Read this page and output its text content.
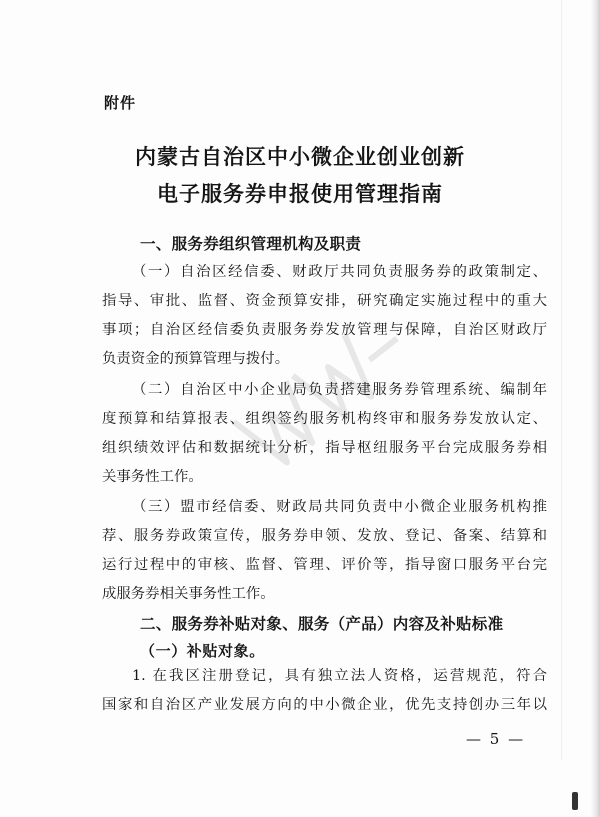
附件
内蒙古自治区中小微企业创业创新
电子服务券申报使用管理指南
一、服务券组织管理机构及职责
（一）自治区经信委、财政厅共同负责服务券的政策制定、
指导、审批、监督、资金预算安排，研究确定实施过程中的重大
事项；自治区经信委负责服务券发放管理与保障，自治区财政厅
负责资金的预算管理与拨付。
（二）自治区中小企业局负责搭建服务券管理系统、编制年
度预算和结算报表、组织签约服务机构终审和服务券发放认定、
组织绩效评估和数据统计分析，指导枢纽服务平台完成服务券相
关事务性工作。
（三）盟市经信委、财政局共同负责中小微企业服务机构推
荐、服务券政策宣传，服务券申领、发放、登记、备案、结算和
运行过程中的审核、监督、管理、评价等，指导窗口服务平台完
成服务券相关事务性工作。
二、服务券补贴对象、服务（产品）内容及补贴标准
（一）补贴对象。
1. 在我区注册登记，具有独立法人资格，运营规范，符合
国家和自治区产业发展方向的中小微企业，优先支持创办三年以
— 5 —
